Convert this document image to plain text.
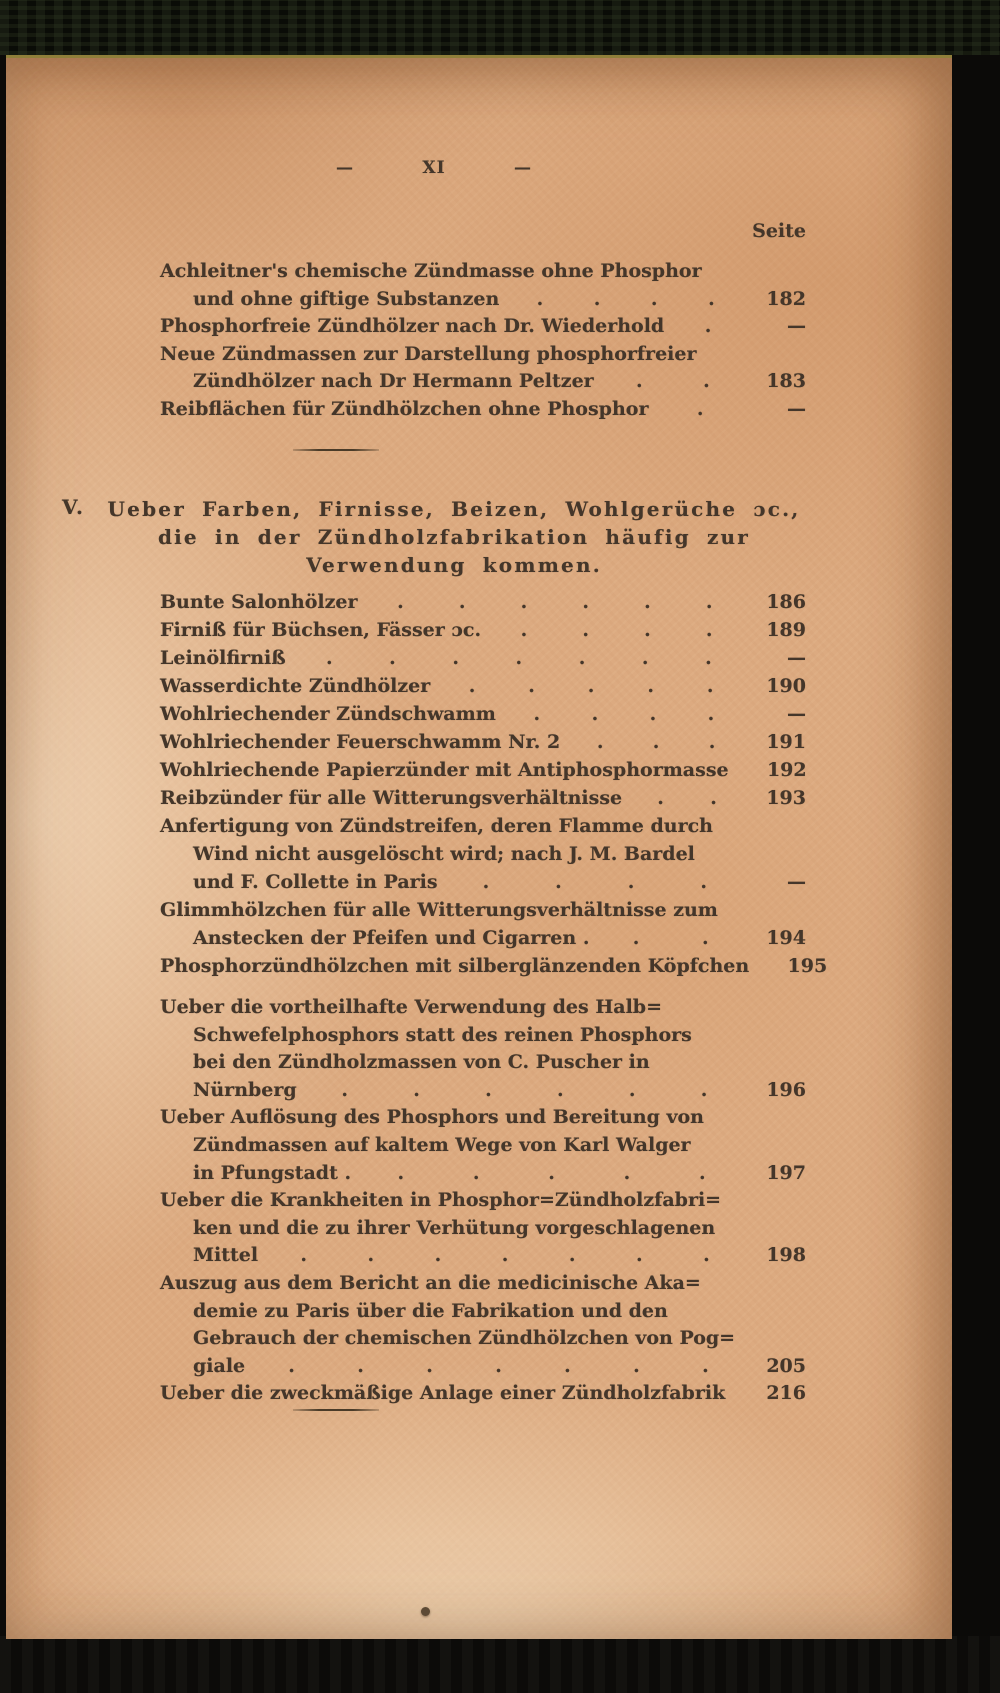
—	XI	—
Seite
Achleitner's chemische Zündmasse ohne Phosphor
und ohne giftige Substanzen .	.	.	.	182
Phosphorfreie Zündhölzer nach Dr. Wiederhold .	—
Neue Zündmassen zur Darstellung phosphorfreier
Zündhölzer nach Dr Hermann Peltzer .	.	183
Reibflächen für Zündhölzchen ohne Phosphor	.	—
V.	Ueber Farben, Firnisse, Beizen, Wohlgerüche ɔc.,
die in der Zündholzfabrikation häufig zur
Verwendung kommen.
Bunte Salonhölzer .	.	.	.	.	.	186
Firniß für Büchsen, Fässer ɔc. .	.	.	.	189
Leinölfirniß .	.	.	.	.	.	.	—
Wasserdichte Zündhölzer .	.	.	.	.	190
Wohlriechender Zündschwamm .	.	.	.	—
Wohlriechender Feuerschwamm Nr. 2 .	.	.	191
Wohlriechende Papierzünder mit Antiphosphormasse	192
Reibzünder für alle Witterungsverhältnisse . .	193
Anfertigung von Zündstreifen, deren Flamme durch
Wind nicht ausgelöscht wird; nach J. M. Bardel
und F. Collette in Paris .	.	.	.	—
Glimmhölzchen für alle Witterungsverhältnisse zum
Anstecken der Pfeifen und Cigarren . .	.	194
Phosphorzündhölzchen mit silberglänzenden Köpfchen	195
Ueber die vortheilhafte Verwendung des Halb=
Schwefelphosphors statt des reinen Phosphors
bei den Zündholzmassen von C. Puscher in
Nürnberg .	.	.	.	.	.	196
Ueber Auflösung des Phosphors und Bereitung von
Zündmassen auf kaltem Wege von Karl Walger
in Pfungstadt . .	.	.	.	.	197
Ueber die Krankheiten in Phosphor=Zündholzfabri=
ken und die zu ihrer Verhütung vorgeschlagenen
Mittel .	.	.	.	.	.	.	198
Auszug aus dem Bericht an die medicinische Aka=
demie zu Paris über die Fabrikation und den
Gebrauch der chemischen Zündhölzchen von Pog=
giale .	.	.	.	.	.	.	205
Ueber die zweckmäßige Anlage einer Zündholzfabrik	216
